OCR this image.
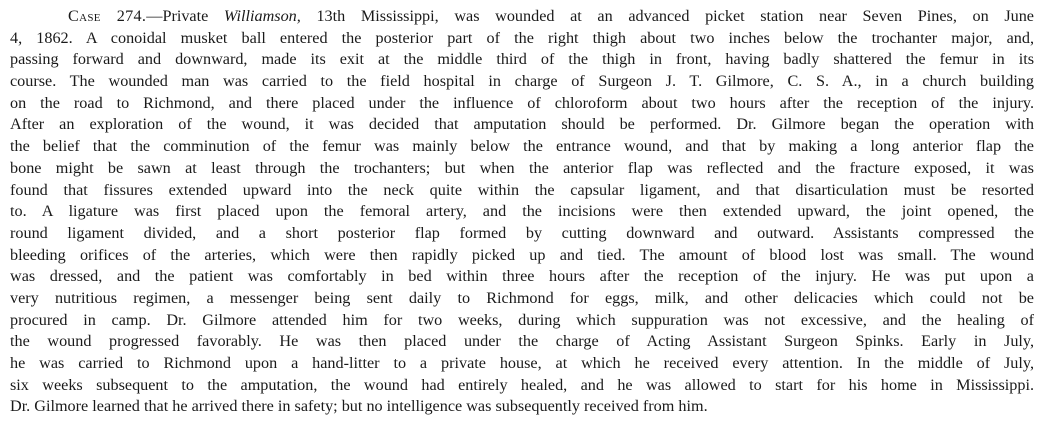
Case 274.—Private Williamson, 13th Mississippi, was wounded at an advanced picket station near Seven Pines, on June
4, 1862. A conoidal musket ball entered the posterior part of the right thigh about two inches below the trochanter major, and,
passing forward and downward, made its exit at the middle third of the thigh in front, having badly shattered the femur in its
course. The wounded man was carried to the field hospital in charge of Surgeon J. T. Gilmore, C. S. A., in a church building
on the road to Richmond, and there placed under the influence of chloroform about two hours after the reception of the injury.
After an exploration of the wound, it was decided that amputation should be performed. Dr. Gilmore began the operation with
the belief that the comminution of the femur was mainly below the entrance wound, and that by making a long anterior flap the
bone might be sawn at least through the trochanters; but when the anterior flap was reflected and the fracture exposed, it was
found that fissures extended upward into the neck quite within the capsular ligament, and that disarticulation must be resorted
to. A ligature was first placed upon the femoral artery, and the incisions were then extended upward, the joint opened, the
round ligament divided, and a short posterior flap formed by cutting downward and outward. Assistants compressed the
bleeding orifices of the arteries, which were then rapidly picked up and tied. The amount of blood lost was small. The wound
was dressed, and the patient was comfortably in bed within three hours after the reception of the injury. He was put upon a
very nutritious regimen, a messenger being sent daily to Richmond for eggs, milk, and other delicacies which could not be
procured in camp. Dr. Gilmore attended him for two weeks, during which suppuration was not excessive, and the healing of
the wound progressed favorably. He was then placed under the charge of Acting Assistant Surgeon Spinks. Early in July,
he was carried to Richmond upon a hand-litter to a private house, at which he received every attention. In the middle of July,
six weeks subsequent to the amputation, the wound had entirely healed, and he was allowed to start for his home in Mississippi.
Dr. Gilmore learned that he arrived there in safety; but no intelligence was subsequently received from him.
